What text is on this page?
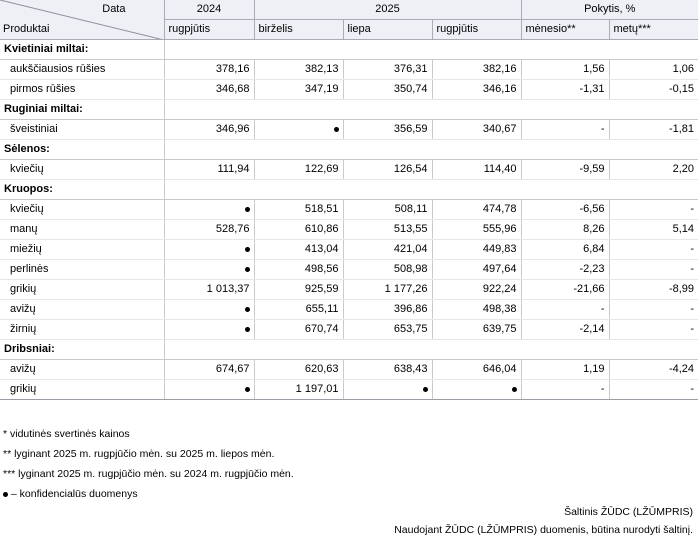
Data
Produktai	2024	2025			Pokytis, %	
	rugpjūtis	birželis	liepa	rugpjūtis	mėnesio**	metų***
Kvietiniai miltai:						
aukščiausios rūšies	378,16	382,13	376,31	382,16	1,56	1,06
pirmos rūšies	346,68	347,19	350,74	346,16	-1,31	-0,15
Ruginiai miltai:						
šveistiniai	346,96		356,59	340,67	-	-1,81
Sėlenos:						
kviečių	111,94	122,69	126,54	114,40	-9,59	2,20
Kruopos:						
kviečių		518,51	508,11	474,78	-6,56	-
manų	528,76	610,86	513,55	555,96	8,26	5,14
miežių		413,04	421,04	449,83	6,84	-
perlinės		498,56	508,98	497,64	-2,23	-
grikių	1 013,37	925,59	1 177,26	922,24	-21,66	-8,99
avižų		655,11	396,86	498,38	-	-
žirnių		670,74	653,75	639,75	-2,14	-
Dribsniai:						
avižų	674,67	620,63	638,43	646,04	1,19	-4,24
grikių		1 197,01			-	-
* vidutinės svertinės kainos
** lyginant 2025 m. rugpjūčio mėn. su 2025 m. liepos mėn.
*** lyginant 2025 m. rugpjūčio mėn. su 2024 m. rugpjūčio mėn.
– konfidencialūs duomenys
Šaltinis ŽŪDC (LŽŪMPRIS)
Naudojant ŽŪDC (LŽŪMPRIS) duomenis, būtina nurodyti šaltinį.
